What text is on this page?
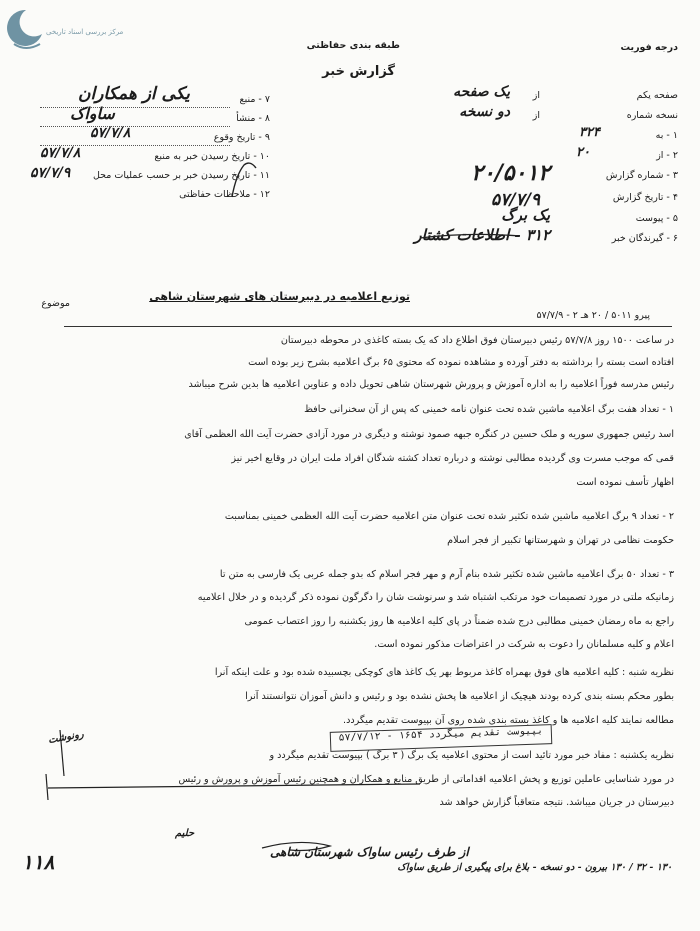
مرکز بررسی اسناد تاریخی
طبقه بندی حفاظتی	درجه فوریت
گزارش خبر
۷ - منبع
۸ - منشأ
۹ - تاریخ وقوع
۱۰ - تاریخ رسیدن خبر به منبع
۱۱ - تاریخ رسیدن خبر بر حسب عملیات محل
۱۲ - ملاحظات حفاظتی
یکی از همکاران
ساواک
۵۷/۷/۸
۵۷/۷/۸
۵۷/۷/۹
صفحه یکم
از
یک صفحه
نسخه شماره
از
دو نسخه
۱ - به
۳۲۴
۲ - از
۲۰
۳ - شماره گزارش
۲۰/۵۰۱۲
۴ - تاریخ گزارش
۵۷/۷/۹
۵ - پیوست
یک برگ
۶ - گیرندگان خبر
۳۱۲ - اطلاعات کشتار
موضوع
توزیع اعلامیه در دبیرستان های شهرستان شاهی
پیرو ۵۰۱۱ / ۲۰ هـ ۲ - ۵۷/۷/۹
در ساعت ۱۵۰۰ روز ۵۷/۷/۸ رئیس دبیرستان فوق اطلاع داد که یک بسته کاغذی در محوطه دبیرستان
افتاده است بسته را برداشته به دفتر آورده و مشاهده نموده که محتوی ۶۵ برگ اعلامیه بشرح زیر بوده است
رئیس مدرسه فوراً اعلامیه را به اداره آموزش و پرورش شهرستان شاهی تحویل داده و عناوین اعلامیه ها بدین شرح میباشد
۱ - تعداد هفت برگ اعلامیه ماشین شده تحت عنوان نامه خمینی که پس از آن سخنرانی حافظ
اسد رئیس جمهوری سوریه و ملک حسین در کنگره جبهه صمود نوشته و دیگری در مورد آزادی حضرت آیت الله العظمی آقای
قمی که موجب مسرت وی گردیده مطالبی نوشته و درباره تعداد کشته شدگان افراد ملت ایران در وقایع اخیر نیز
اظهار تأسف نموده است
۲ - تعداد ۹ برگ اعلامیه ماشین شده تکثیر شده تحت عنوان متن اعلامیه حضرت آیت الله العظمی خمینی بمناسبت
حکومت نظامی در تهران و شهرستانها تکبیر از فجر اسلام
۳ - تعداد ۵۰ برگ اعلامیه ماشین شده تکثیر شده بنام آرم و مهر فجر اسلام که بدو جمله عربی یک فارسی به متن تا
زمانیکه ملتی در مورد تصمیمات خود مرتکب اشتباه شد و سرنوشت شان را دگرگون نموده ذکر گردیده و در خلال اعلامیه
راجع به ماه رمضان خمینی مطالبی درج شده ضمناً در پای کلیه اعلامیه ها روز یکشنبه را روز اعتصاب عمومی
اعلام و کلیه مسلمانان را دعوت به شرکت در اعتراضات مذکور نموده است.
نظریه شنبه : کلیه اعلامیه های فوق بهمراه کاغذ مربوط بهر یک کاغذ های کوچکی بچسبیده شده بود و علت اینکه آنرا
بطور محکم بسته بندی کرده بودند هیچیک از اعلامیه ها پخش نشده بود و رئیس و دانش آموزان نتوانستند آنرا
مطالعه نمایند کلیه اعلامیه ها و کاغذ بسته بندی شده روی آن بپیوست تقدیم میگردد.
نظریه یکشنبه : مفاد خبر مورد تائید است از محتوی اعلامیه یک برگ ( ۳ برگ ) بپیوست تقدیم میگردد و
در مورد شناسایی عاملین توزیع و پخش اعلامیه اقداماتی از طریق منابع و همکاران و همچنین رئیس آموزش و پرورش و رئیس
دبیرستان در جریان میباشد. نتیجه متعاقباً گزارش خواهد شد
بپیوست تقدیم میگردد ۱۶۵۴ - ۵۷/۷/۱۲
رونوشت
حلیم
از طرف رئیس ساواک شهرستان شاهی
۱۳۰ - ۳۲ / ۱۳۰ بیرون - دو نسخه - بلاغ برای پیگیری از طریق ساواک
۱۱۸
